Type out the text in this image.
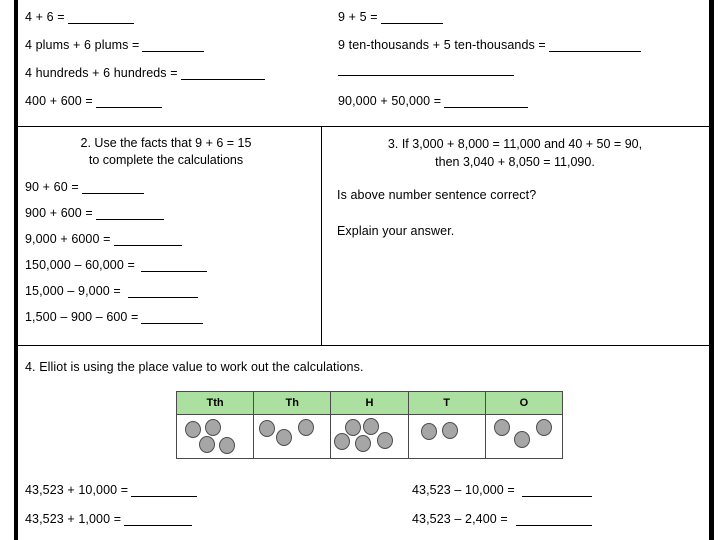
4 + 6 =
4 plums + 6 plums =
4 hundreds + 6 hundreds =
400 + 600 =
9 + 5 =
9 ten-thousands + 5 ten-thousands =
90,000 + 50,000 =
2. Use the facts that 9 + 6 = 15
to complete the calculations
90 + 60 =
900 + 600 =
9,000 + 6000 =
150,000 – 60,000 =
15,000 – 9,000 =
1,500 – 900 – 600 =
3. If 3,000 + 8,000 = 11,000 and 40 + 50 = 90,
then 3,040 + 8,050 = 11,090.
Is above number sentence correct?
Explain your answer.
4. Elliot is using the place value to work out the calculations.
Tth	Th	H	T	O

43,523 + 10,000 =
43,523 + 1,000 =
43,523 – 10,000 =
43,523 – 2,400 =
